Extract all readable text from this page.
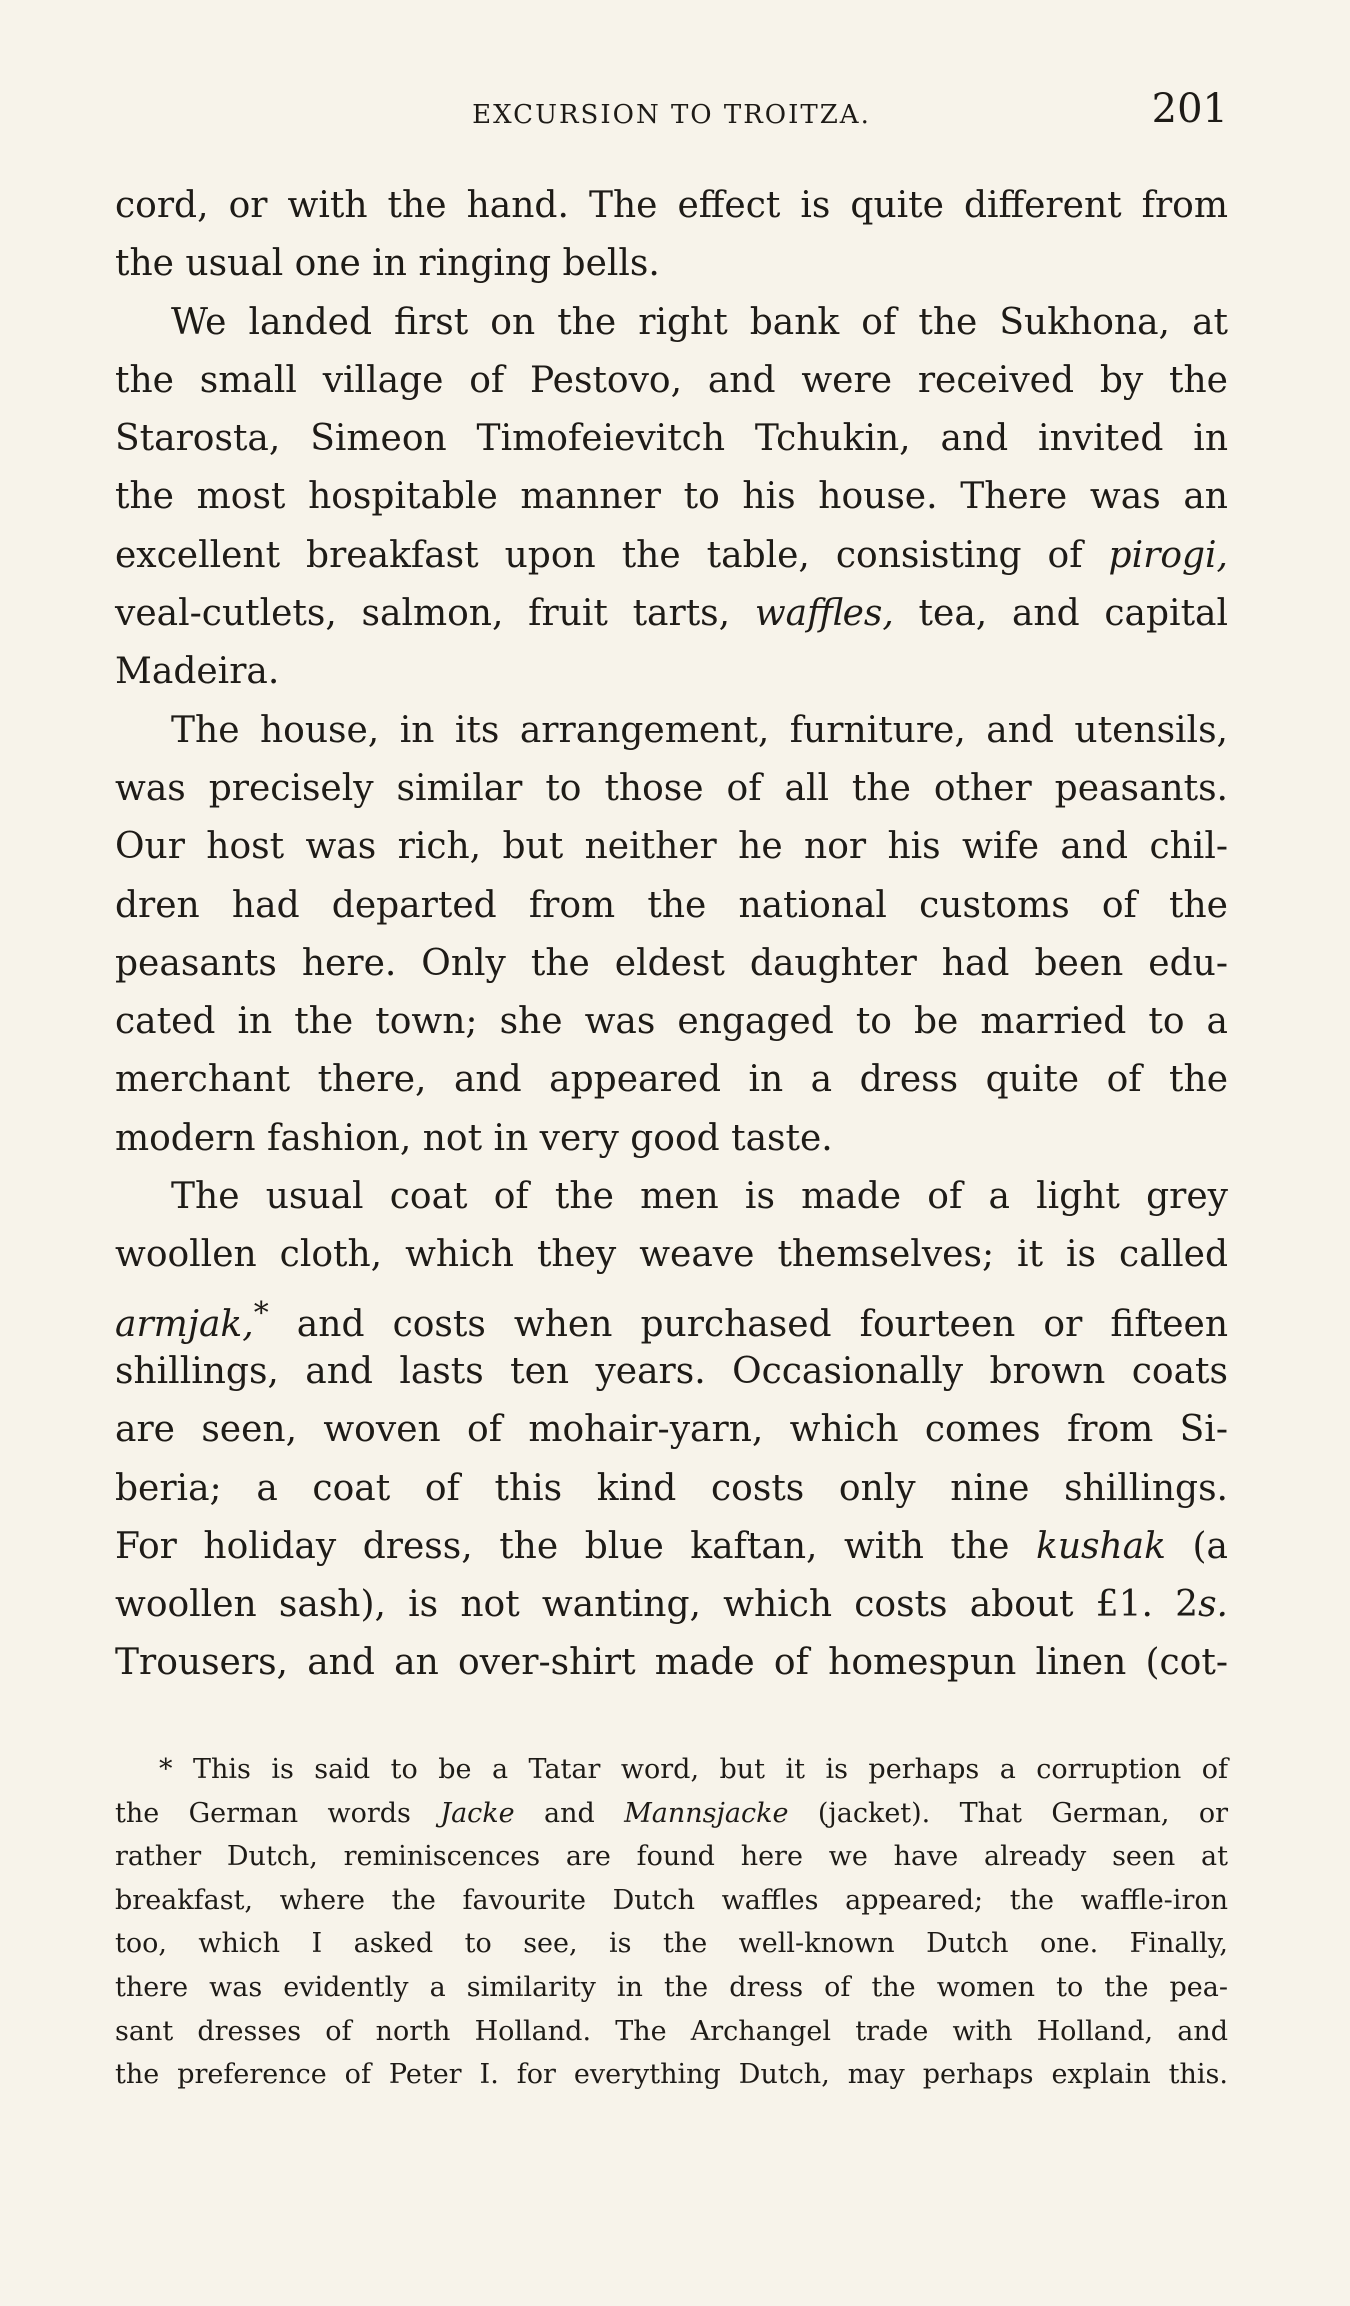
EXCURSION TO TROITZA.	201
cord, or with the hand. The effect is quite different from
the usual one in ringing bells.
We landed first on the right bank of the Sukhona, at
the small village of Pestovo, and were received by the
Starosta, Simeon Timofeievitch Tchukin, and invited in
the most hospitable manner to his house. There was an
excellent breakfast upon the table, consisting of pirogi,
veal-cutlets, salmon, fruit tarts, waffles, tea, and capital
Madeira.
The house, in its arrangement, furniture, and utensils,
was precisely similar to those of all the other peasants.
Our host was rich, but neither he nor his wife and chil-
dren had departed from the national customs of the
peasants here. Only the eldest daughter had been edu-
cated in the town; she was engaged to be married to a
merchant there, and appeared in a dress quite of the
modern fashion, not in very good taste.
The usual coat of the men is made of a light grey
woollen cloth, which they weave themselves; it is called
armjak,* and costs when purchased fourteen or fifteen
shillings, and lasts ten years. Occasionally brown coats
are seen, woven of mohair-yarn, which comes from Si-
beria; a coat of this kind costs only nine shillings.
For holiday dress, the blue kaftan, with the kushak (a
woollen sash), is not wanting, which costs about £1. 2s.
Trousers, and an over-shirt made of homespun linen (cot-
* This is said to be a Tatar word, but it is perhaps a corruption of
the German words Jacke and Mannsjacke (jacket). That German, or
rather Dutch, reminiscences are found here we have already seen at
breakfast, where the favourite Dutch waffles appeared; the waffle-iron
too, which I asked to see, is the well-known Dutch one. Finally,
there was evidently a similarity in the dress of the women to the pea-
sant dresses of north Holland. The Archangel trade with Holland, and
the preference of Peter I. for everything Dutch, may perhaps explain this.
